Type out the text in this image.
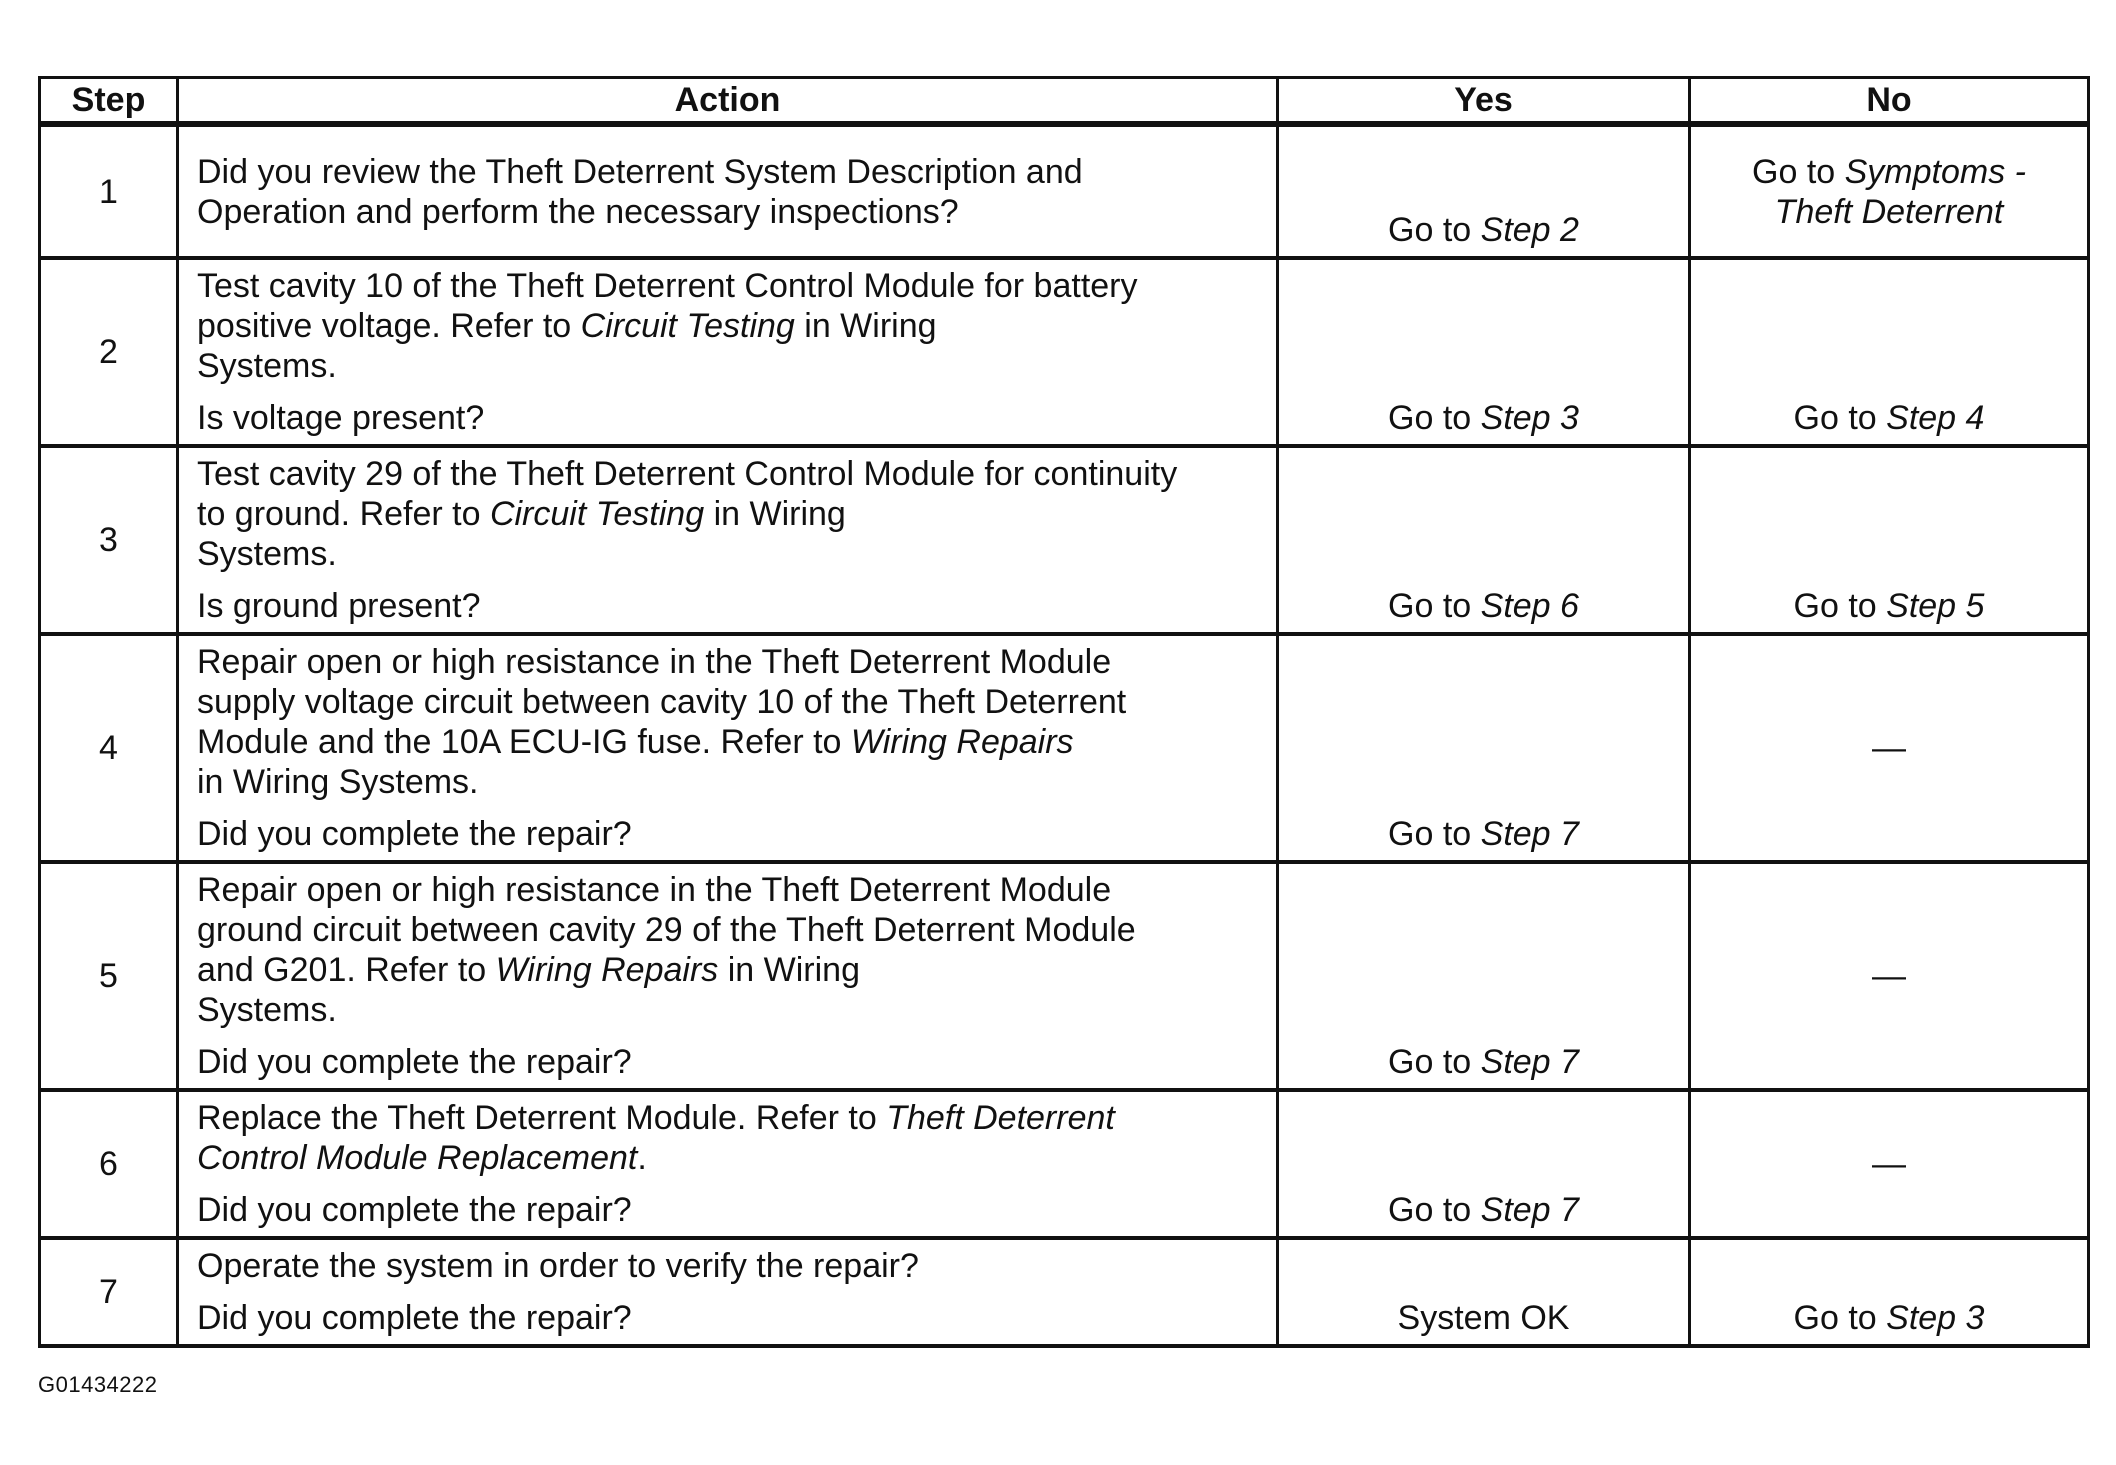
Step	Action	Yes	No
1	Did you review the Theft Deterrent System Description and
Operation and perform the necessary inspections?	Go to Step 2	Go to Symptoms -
Theft Deterrent
2	Test cavity 10 of the Theft Deterrent Control Module for battery
positive voltage. Refer to Circuit Testing in Wiring
Systems.
Is voltage present?	Go to Step 3	Go to Step 4
3	Test cavity 29 of the Theft Deterrent Control Module for continuity
to ground. Refer to Circuit Testing in Wiring
Systems.
Is ground present?	Go to Step 6	Go to Step 5
4	Repair open or high resistance in the Theft Deterrent Module
supply voltage circuit between cavity 10 of the Theft Deterrent
Module and the 10A ECU-IG fuse. Refer to Wiring Repairs
in Wiring Systems.
Did you complete the repair?	Go to Step 7	—
5	Repair open or high resistance in the Theft Deterrent Module
ground circuit between cavity 29 of the Theft Deterrent Module
and G201. Refer to Wiring Repairs in Wiring
Systems.
Did you complete the repair?	Go to Step 7	—
6	Replace the Theft Deterrent Module. Refer to Theft Deterrent
Control Module Replacement.
Did you complete the repair?	Go to Step 7	—
7	Operate the system in order to verify the repair?
Did you complete the repair?	System OK	Go to Step 3
G01434222
